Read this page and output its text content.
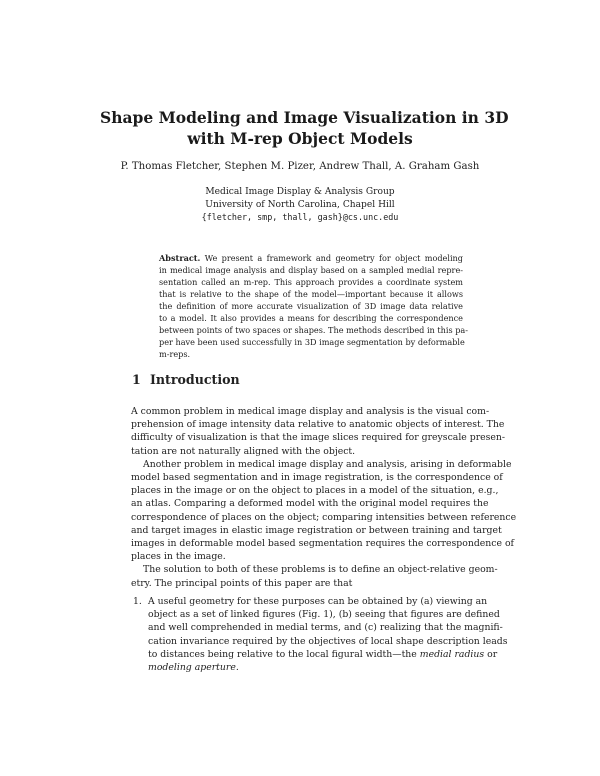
Shape Modeling and Image Visualization in 3D
with M-rep Object Models
P. Thomas Fletcher, Stephen M. Pizer, Andrew Thall, A. Graham Gash
Medical Image Display & Analysis Group
University of North Carolina, Chapel Hill
{fletcher, smp, thall, gash}@cs.unc.edu
Abstract. We present a framework and geometry for object modeling
in medical image analysis and display based on a sampled medial repre-
sentation called an m-rep. This approach provides a coordinate system
that is relative to the shape of the model—important because it allows
the definition of more accurate visualization of 3D image data relative
to a model. It also provides a means for describing the correspondence
between points of two spaces or shapes. The methods described in this pa-
per have been used successfully in 3D image segmentation by deformable
m-reps.
1 Introduction
A common problem in medical image display and analysis is the visual com-
prehension of image intensity data relative to anatomic objects of interest. The
difficulty of visualization is that the image slices required for greyscale presen-
tation are not naturally aligned with the object.
Another problem in medical image display and analysis, arising in deformable
model based segmentation and in image registration, is the correspondence of
places in the image or on the object to places in a model of the situation, e.g.,
an atlas. Comparing a deformed model with the original model requires the
correspondence of places on the object; comparing intensities between reference
and target images in elastic image registration or between training and target
images in deformable model based segmentation requires the correspondence of
places in the image.
The solution to both of these problems is to define an object-relative geom-
etry. The principal points of this paper are that
1. A useful geometry for these purposes can be obtained by (a) viewing an
object as a set of linked figures (Fig. 1), (b) seeing that figures are defined
and well comprehended in medial terms, and (c) realizing that the magnifi-
cation invariance required by the objectives of local shape description leads
to distances being relative to the local figural width—the medial radius or
modeling aperture.
